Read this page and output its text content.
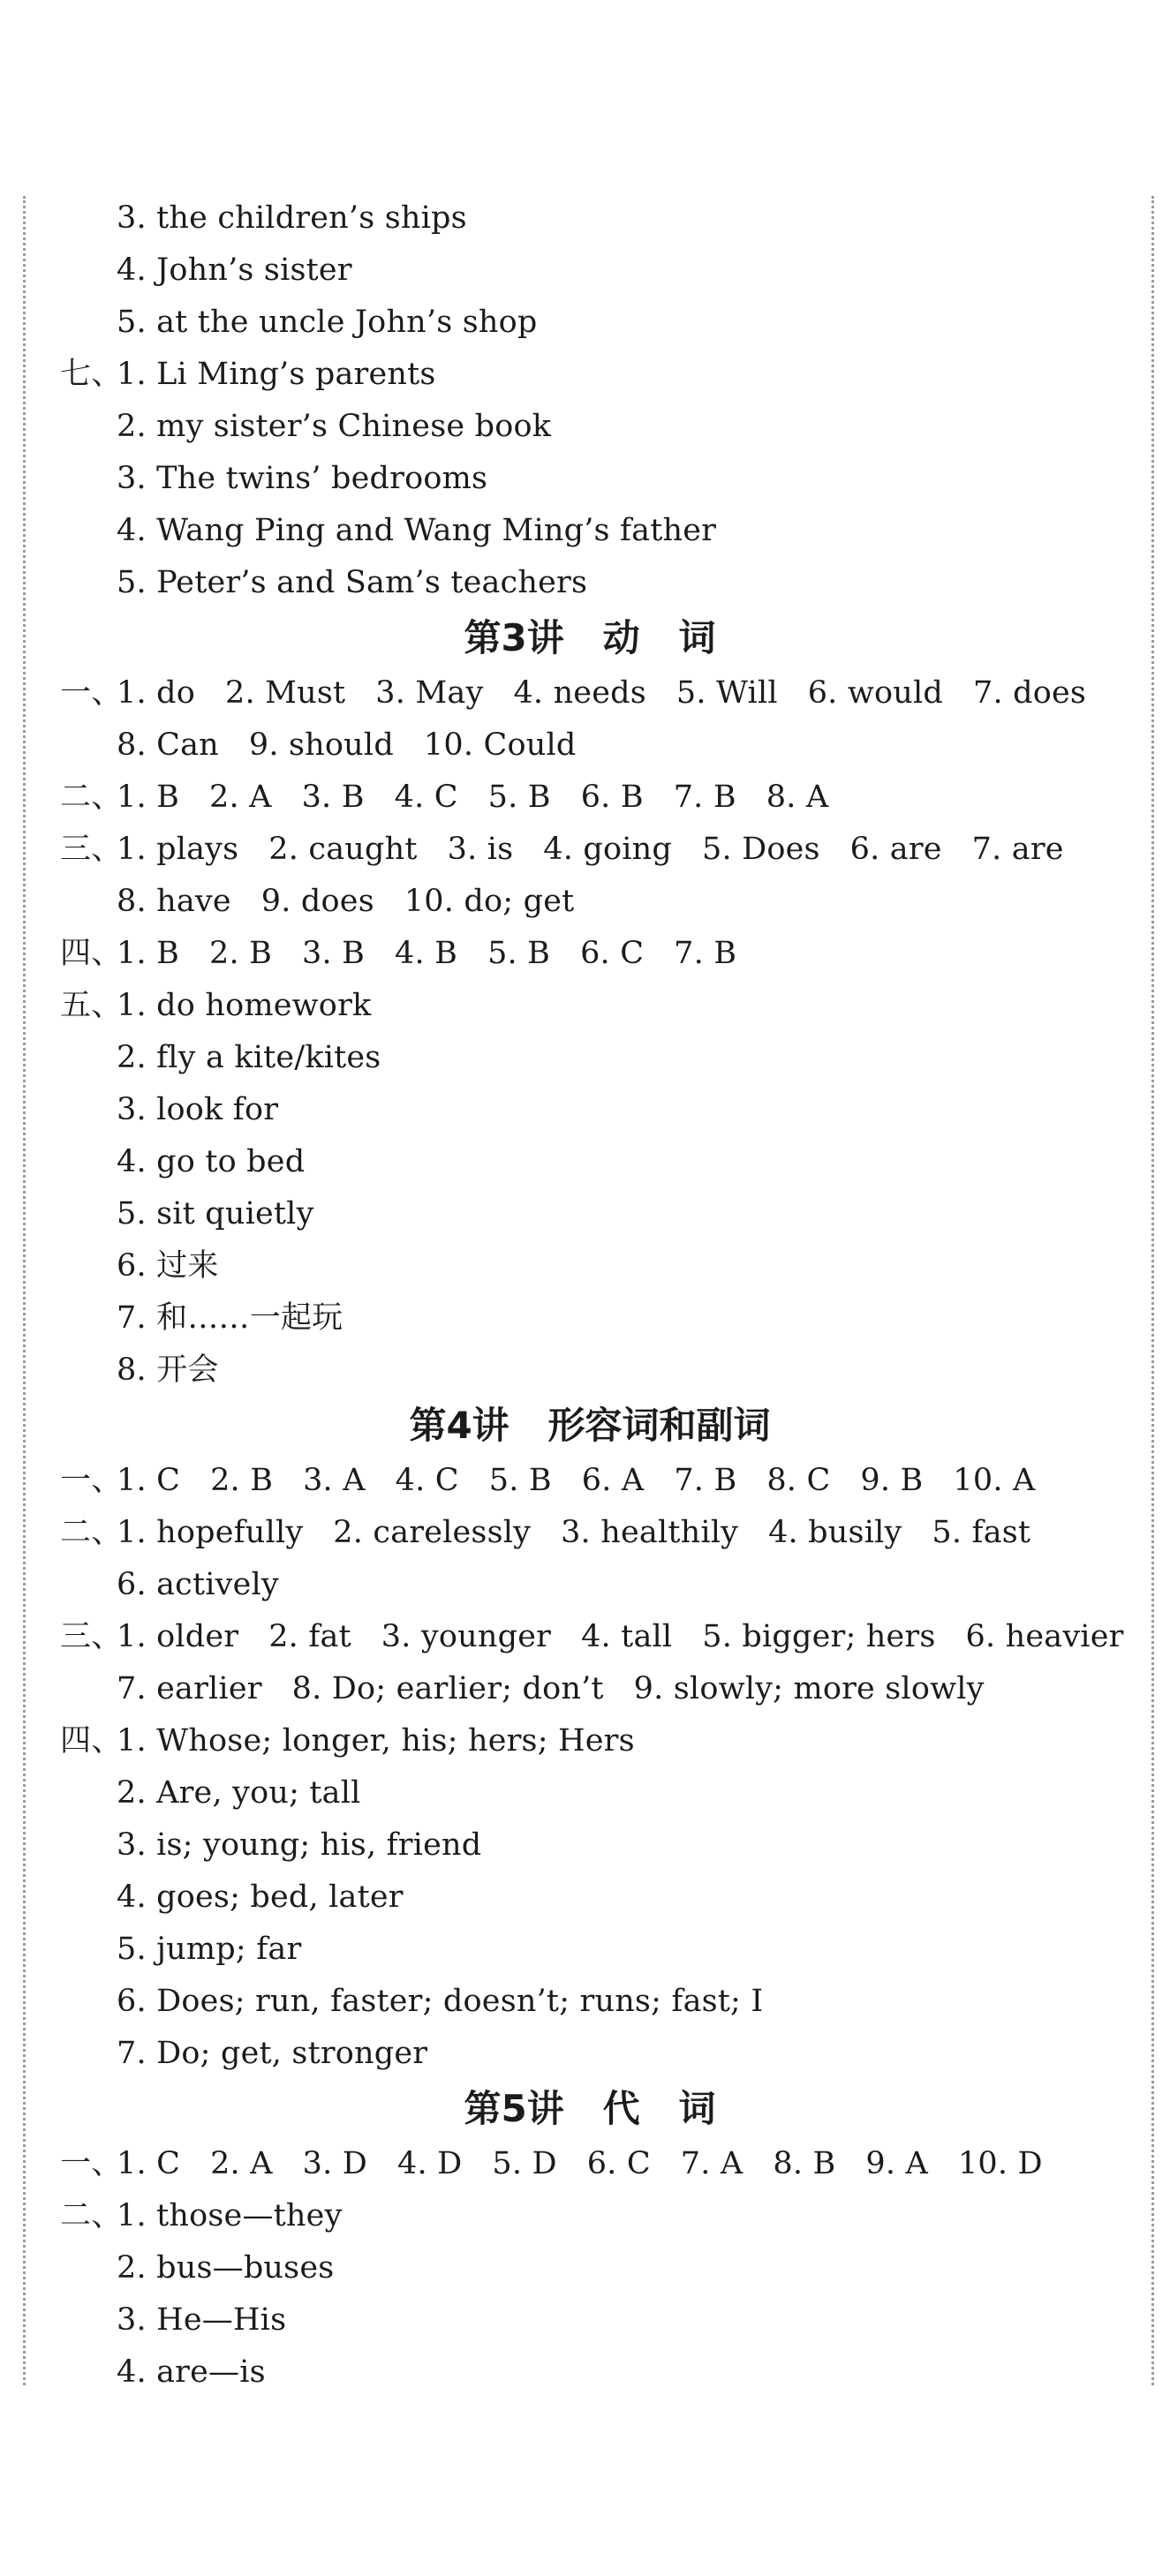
3. the children’s ships
4. John’s sister
5. at the uncle John’s shop
七、1. Li Ming’s parents
2. my sister’s Chinese book
3. The twins’ bedrooms
4. Wang Ping and Wang Ming’s father
5. Peter’s and Sam’s teachers
第3讲   动   词
一、1. do   2. Must   3. May   4. needs   5. Will   6. would   7. does
8. Can   9. should   10. Could
二、1. B   2. A   3. B   4. C   5. B   6. B   7. B   8. A
三、1. plays   2. caught   3. is   4. going   5. Does   6. are   7. are
8. have   9. does   10. do; get
四、1. B   2. B   3. B   4. B   5. B   6. C   7. B
五、1. do homework
2. fly a kite/kites
3. look for
4. go to bed
5. sit quietly
6. 过来
7. 和……一起玩
8. 开会
第4讲   形容词和副词
一、1. C   2. B   3. A   4. C   5. B   6. A   7. B   8. C   9. B   10. A
二、1. hopefully   2. carelessly   3. healthily   4. busily   5. fast
6. actively
三、1. older   2. fat   3. younger   4. tall   5. bigger; hers   6. heavier
7. earlier   8. Do; earlier; don’t   9. slowly; more slowly
四、1. Whose; longer, his; hers; Hers
2. Are, you; tall
3. is; young; his, friend
4. goes; bed, later
5. jump; far
6. Does; run, faster; doesn’t; runs; fast; I
7. Do; get, stronger
第5讲   代   词
一、1. C   2. A   3. D   4. D   5. D   6. C   7. A   8. B   9. A   10. D
二、1. those—they
2. bus—buses
3. He—His
4. are—is
